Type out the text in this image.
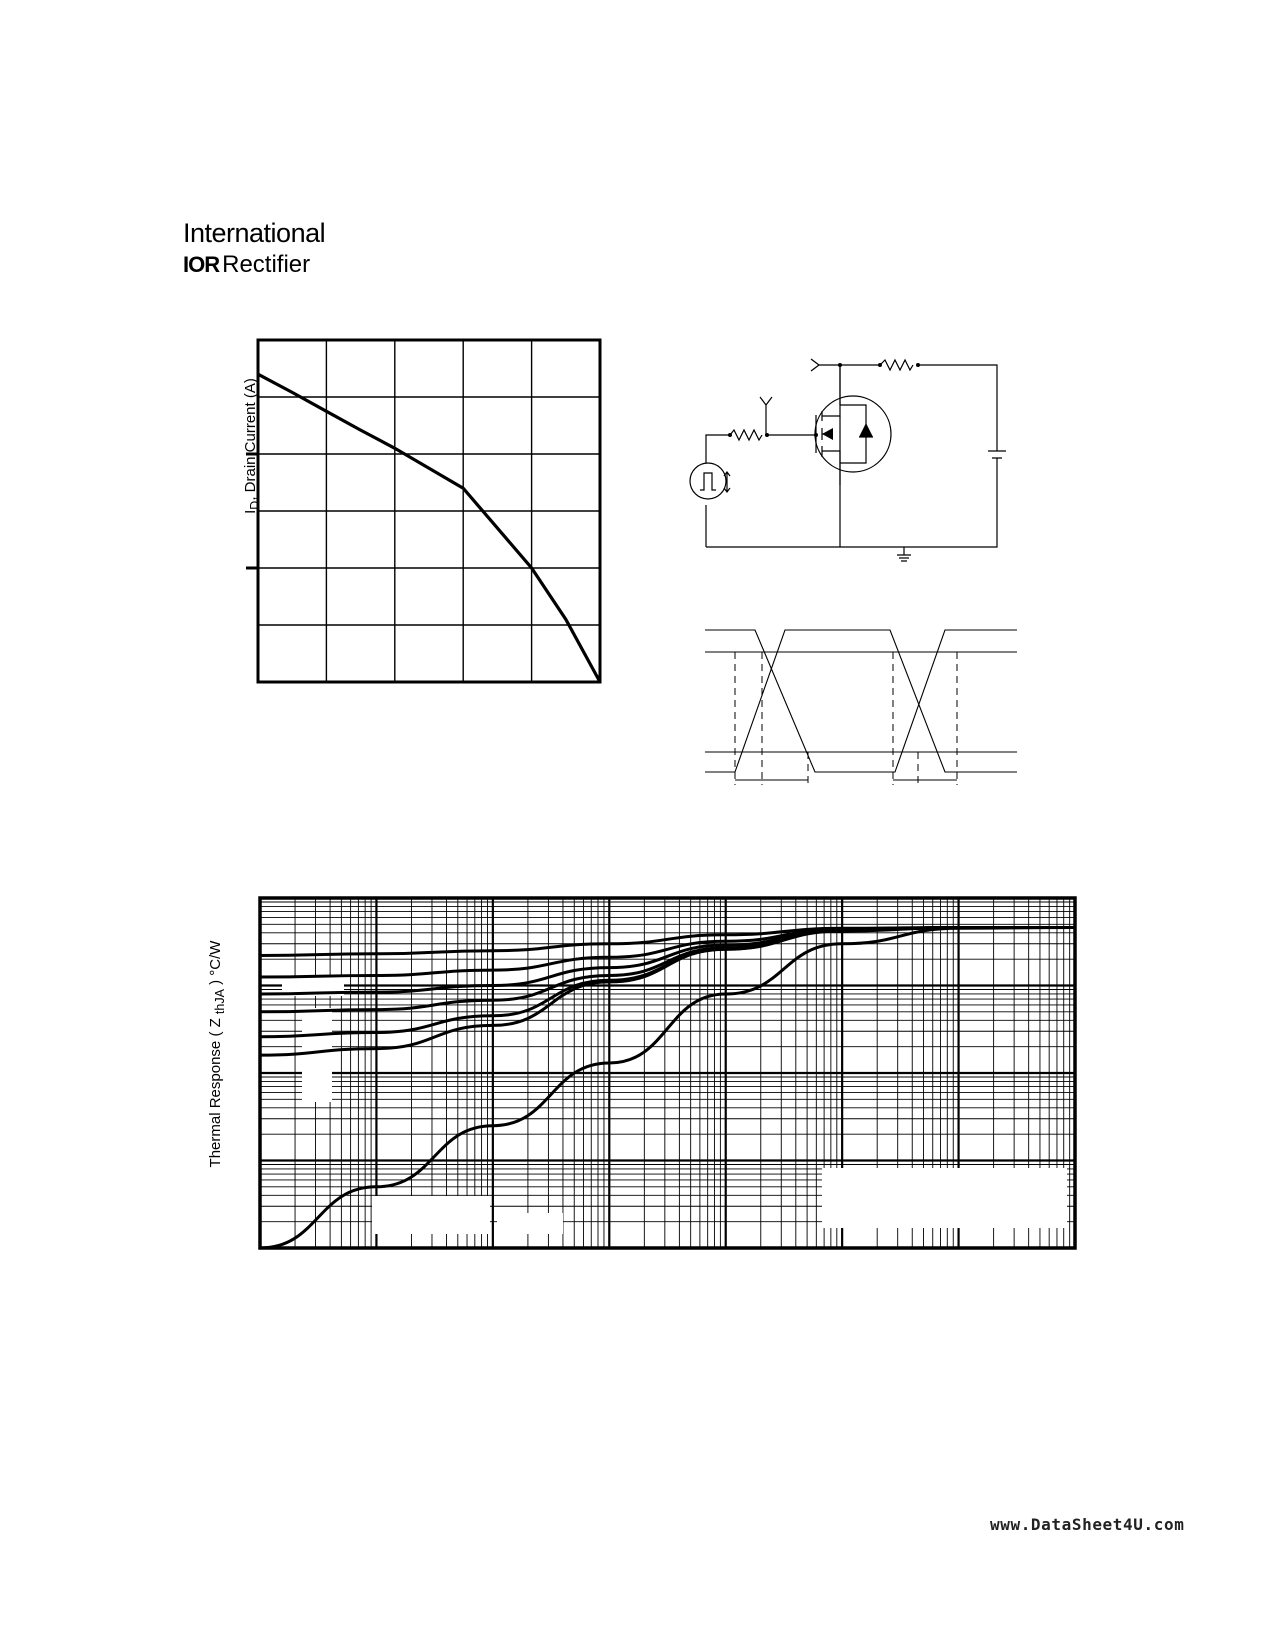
International
IOR Rectifier
$I_D$, Drain Current (A)
Thermal Response ( Z $_{thJA}$ ) °C/W
www.DataSheet4U.com
